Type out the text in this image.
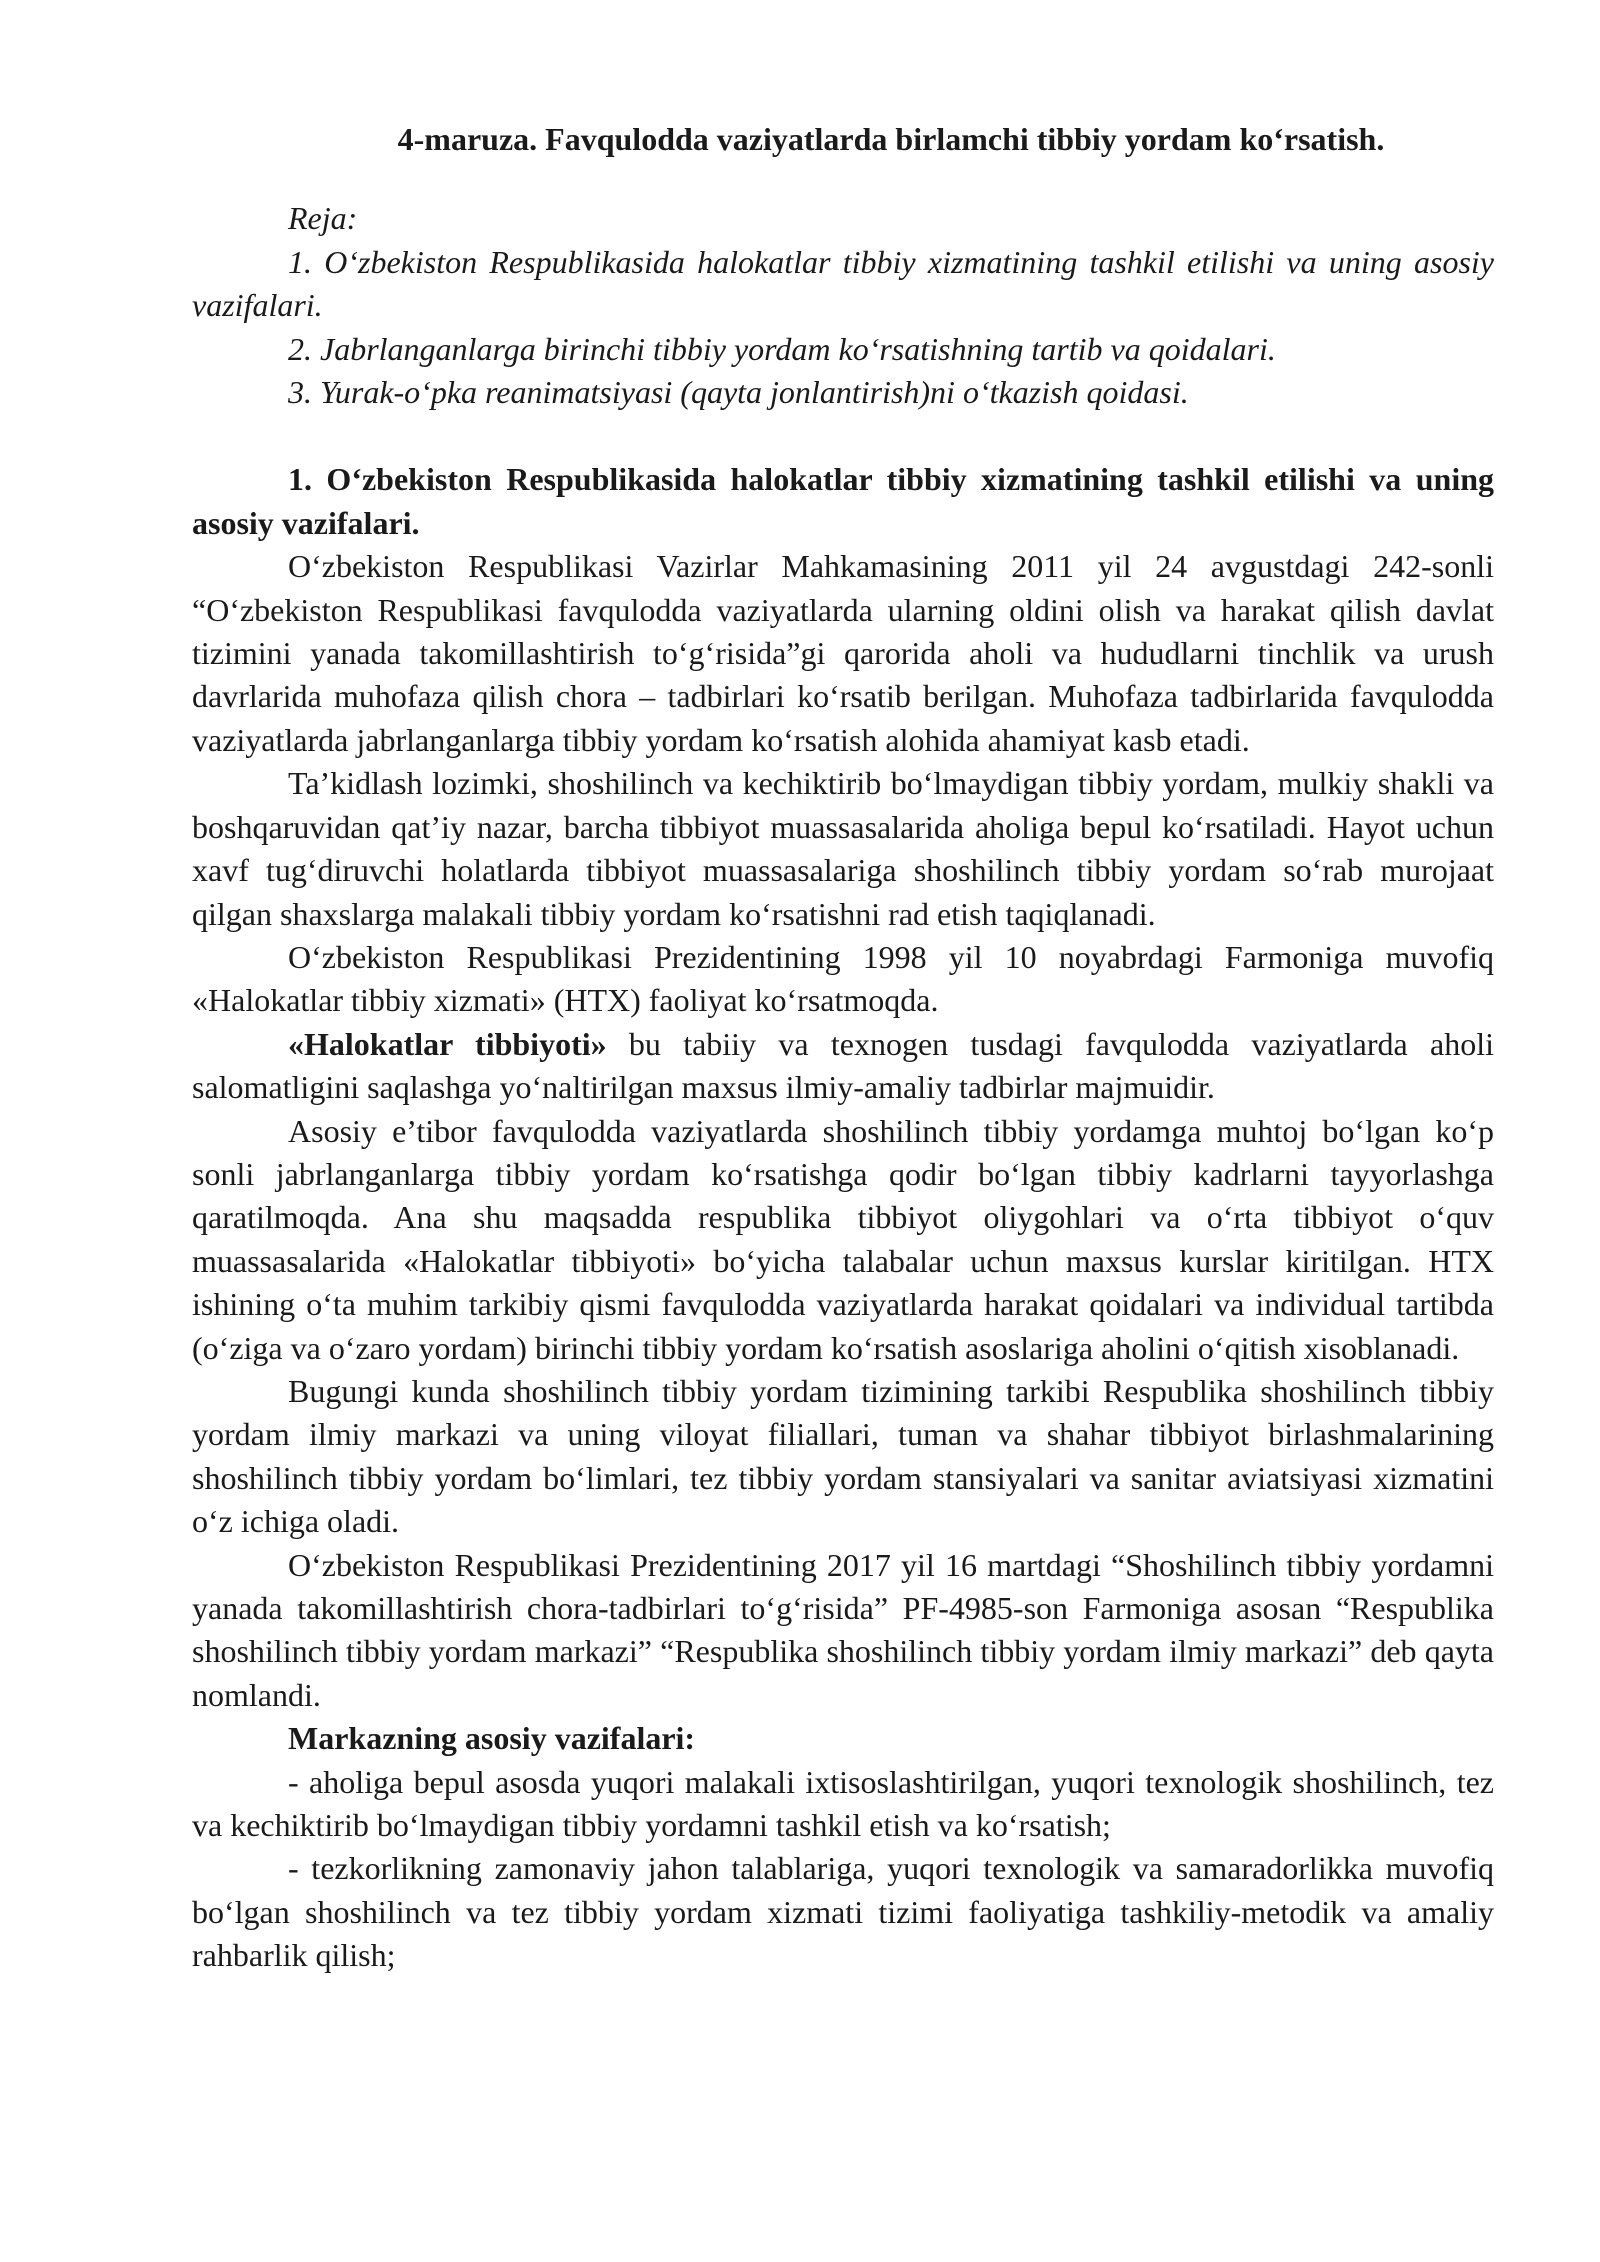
4-maruza. Favqulodda vaziyatlarda birlamchi tibbiy yordam ko‘rsatish.

Reja:

1. O‘zbekiston Respublikasida halokatlar tibbiy xizmatining tashkil etilishi va uning asosiy vazifalari.

2. Jabrlanganlarga birinchi tibbiy yordam ko‘rsatishning tartib va qoidalari.

3. Yurak-o‘pka reanimatsiyasi (qayta jonlantirish)ni o‘tkazish qoidasi.

1. O‘zbekiston Respublikasida halokatlar tibbiy xizmatining tashkil etilishi va uning asosiy vazifalari.

O‘zbekiston Respublikasi Vazirlar Mahkamasining 2011 yil 24 avgustdagi 242-sonli “O‘zbekiston Respublikasi favqulodda vaziyatlarda ularning oldini olish va harakat qilish davlat tizimini yanada takomillashtirish to‘g‘risida”gi qarorida aholi va hududlarni tinchlik va urush davrlarida muhofaza qilish chora – tadbirlari ko‘rsatib berilgan. Muhofaza tadbirlarida favqulodda vaziyatlarda jabrlanganlarga tibbiy yordam ko‘rsatish alohida ahamiyat kasb etadi.

Ta’kidlash lozimki, shoshilinch va kechiktirib bo‘lmaydigan tibbiy yordam, mulkiy shakli va boshqaruvidan qat’iy nazar, barcha tibbiyot muassasalarida aholiga bepul ko‘rsatiladi. Hayot uchun xavf tug‘diruvchi holatlarda tibbiyot muassasalariga shoshilinch tibbiy yordam so‘rab murojaat qilgan shaxslarga malakali tibbiy yordam ko‘rsatishni rad etish taqiqlanadi.

O‘zbekiston Respublikasi Prezidentining 1998 yil 10 noyabrdagi Farmoniga muvofiq «Halokatlar tibbiy xizmati» (HTX) faoliyat ko‘rsatmoqda.

«Halokatlar tibbiyoti» bu tabiiy va texnogen tusdagi favqulodda vaziyatlarda aholi salomatligini saqlashga yo‘naltirilgan maxsus ilmiy-amaliy tadbirlar majmuidir.

Asosiy e’tibor favqulodda vaziyatlarda shoshilinch tibbiy yordamga muhtoj bo‘lgan ko‘p sonli jabrlanganlarga tibbiy yordam ko‘rsatishga qodir bo‘lgan tibbiy kadrlarni tayyorlashga qaratilmoqda. Ana shu maqsadda respublika tibbiyot oliygohlari va o‘rta tibbiyot o‘quv muassasalarida «Halokatlar tibbiyoti» bo‘yicha talabalar uchun maxsus kurslar kiritilgan. HTX ishining o‘ta muhim tarkibiy qismi favqulodda vaziyatlarda harakat qoidalari va individual tartibda (o‘ziga va o‘zaro yordam) birinchi tibbiy yordam ko‘rsatish asoslariga aholini o‘qitish xisoblanadi.

Bugungi kunda shoshilinch tibbiy yordam tizimining tarkibi Respublika shoshilinch tibbiy yordam ilmiy markazi va uning viloyat filiallari, tuman va shahar tibbiyot birlashmalarining shoshilinch tibbiy yordam bo‘limlari, tez tibbiy yordam stansiyalari va sanitar aviatsiyasi xizmatini o‘z ichiga oladi.

O‘zbekiston Respublikasi Prezidentining 2017 yil 16 martdagi “Shoshilinch tibbiy yordamni yanada takomillashtirish chora-tadbirlari to‘g‘risida” PF-4985-son Farmoniga asosan “Respublika shoshilinch tibbiy yordam markazi” “Respublika shoshilinch tibbiy yordam ilmiy markazi” deb qayta nomlandi.

Markazning asosiy vazifalari:

- aholiga bepul asosda yuqori malakali ixtisoslashtirilgan, yuqori texnologik shoshilinch, tez va kechiktirib bo‘lmaydigan tibbiy yordamni tashkil etish va ko‘rsatish;

- tezkorlikning zamonaviy jahon talablariga, yuqori texnologik va samaradorlikka muvofiq bo‘lgan shoshilinch va tez tibbiy yordam xizmati tizimi faoliyatiga tashkiliy-metodik va amaliy rahbarlik qilish;
